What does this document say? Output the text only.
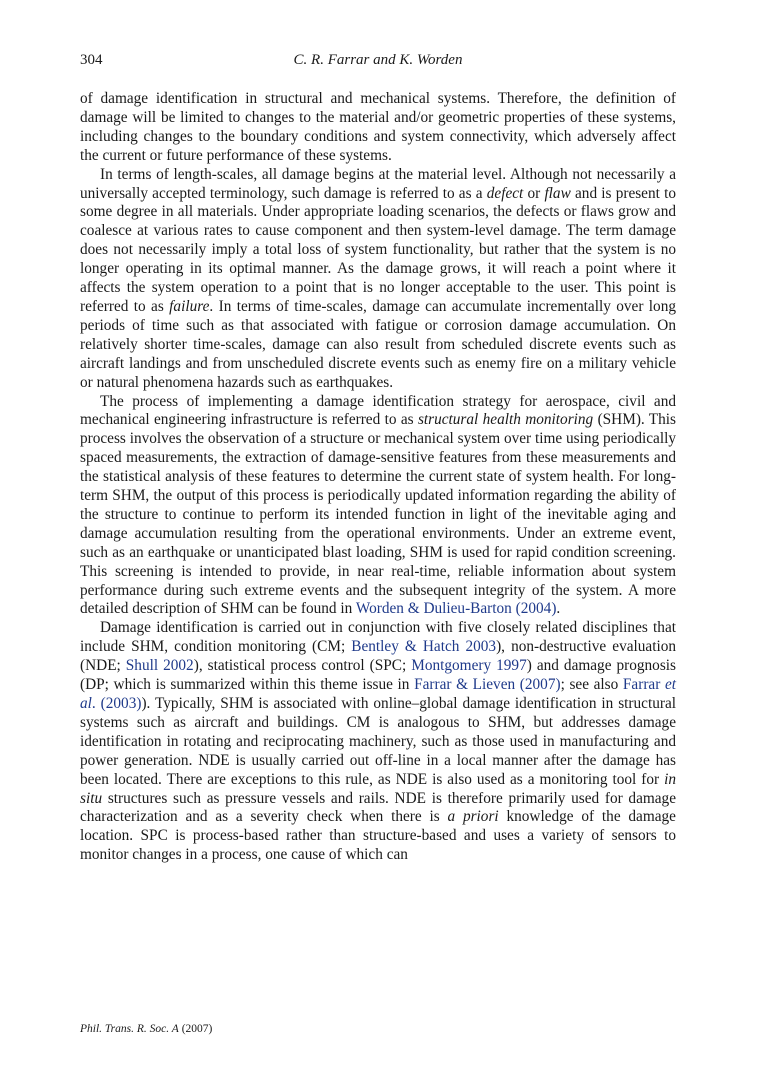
304	C. R. Farrar and K. Worden

of damage identification in structural and mechanical systems. Therefore, the definition of damage will be limited to changes to the material and/or geometric properties of these systems, including changes to the boundary conditions and system connectivity, which adversely affect the current or future performance of these systems.

In terms of length-scales, all damage begins at the material level. Although not necessarily a universally accepted terminology, such damage is referred to as a defect or flaw and is present to some degree in all materials. Under appropriate loading scenarios, the defects or flaws grow and coalesce at various rates to cause component and then system-level damage. The term damage does not necessarily imply a total loss of system functionality, but rather that the system is no longer operating in its optimal manner. As the damage grows, it will reach a point where it affects the system operation to a point that is no longer acceptable to the user. This point is referred to as failure. In terms of time-scales, damage can accumulate incrementally over long periods of time such as that associated with fatigue or corrosion damage accumulation. On relatively shorter time-scales, damage can also result from scheduled discrete events such as aircraft landings and from unscheduled discrete events such as enemy fire on a military vehicle or natural phenomena hazards such as earthquakes.

The process of implementing a damage identification strategy for aerospace, civil and mechanical engineering infrastructure is referred to as structural health monitoring (SHM). This process involves the observation of a structure or mechanical system over time using periodically spaced measurements, the extraction of damage-sensitive features from these measurements and the statistical analysis of these features to determine the current state of system health. For long-term SHM, the output of this process is periodically updated information regarding the ability of the structure to continue to perform its intended function in light of the inevitable aging and damage accumulation resulting from the operational environments. Under an extreme event, such as an earthquake or unanticipated blast loading, SHM is used for rapid condition screening. This screening is intended to provide, in near real-time, reliable information about system performance during such extreme events and the subsequent integrity of the system. A more detailed description of SHM can be found in Worden & Dulieu-Barton (2004).

Damage identification is carried out in conjunction with five closely related disciplines that include SHM, condition monitoring (CM; Bentley & Hatch 2003), non-destructive evaluation (NDE; Shull 2002), statistical process control (SPC; Montgomery 1997) and damage prognosis (DP; which is summarized within this theme issue in Farrar & Lieven (2007); see also Farrar et al. (2003)). Typically, SHM is associated with online–global damage identification in structural systems such as aircraft and buildings. CM is analogous to SHM, but addresses damage identification in rotating and reciprocating machinery, such as those used in manufacturing and power generation. NDE is usually carried out off-line in a local manner after the damage has been located. There are exceptions to this rule, as NDE is also used as a monitoring tool for in situ structures such as pressure vessels and rails. NDE is therefore primarily used for damage characterization and as a severity check when there is a priori knowledge of the damage location. SPC is process-based rather than structure-based and uses a variety of sensors to monitor changes in a process, one cause of which can

Phil. Trans. R. Soc. A (2007)
